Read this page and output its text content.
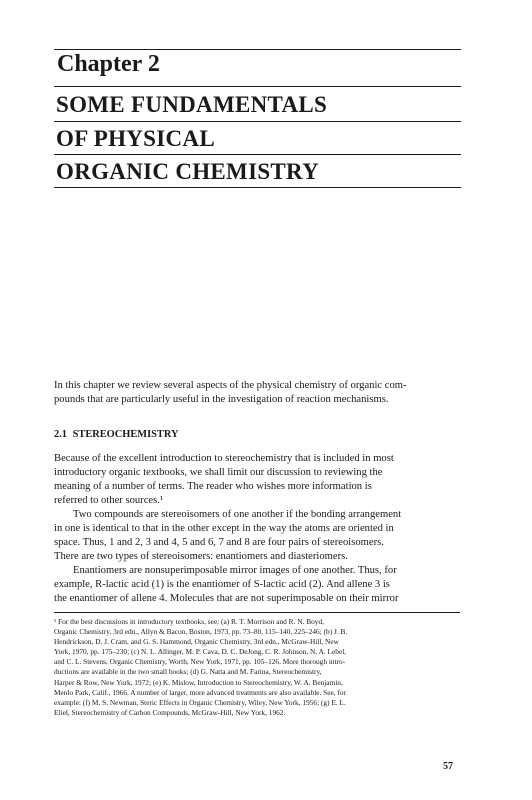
Chapter 2
SOME FUNDAMENTALS
OF PHYSICAL
ORGANIC CHEMISTRY
In this chapter we review several aspects of the physical chemistry of organic com-
pounds that are particularly useful in the investigation of reaction mechanisms.
2.1 STEREOCHEMISTRY
Because of the excellent introduction to stereochemistry that is included in most
introductory organic textbooks, we shall limit our discussion to reviewing the
meaning of a number of terms. The reader who wishes more information is
referred to other sources.¹
Two compounds are stereoisomers of one another if the bonding arrangement
in one is identical to that in the other except in the way the atoms are oriented in
space. Thus, 1 and 2, 3 and 4, 5 and 6, 7 and 8 are four pairs of stereoisomers.
There are two types of stereoisomers: enantiomers and diasteriomers.
Enantiomers are nonsuperimposable mirror images of one another. Thus, for
example, R-lactic acid (1) is the enantiomer of S-lactic acid (2). And allene 3 is
the enantiomer of allene 4. Molecules that are not superimposable on their mirror
¹ For the best discussions in introductory textbooks, see: (a) R. T. Morrison and R. N. Boyd,
Organic Chemistry, 3rd edn., Allyn & Bacon, Boston, 1973, pp. 73–80, 115–140, 225–246; (b) J. B.
Hendrickson, D. J. Cram, and G. S. Hammond, Organic Chemistry, 3rd edn., McGraw-Hill, New
York, 1970, pp. 175–230; (c) N. L. Allinger, M. P. Cava, D. C. DeJong, C. R. Johnson, N. A. Lebel,
and C. L. Stevens, Organic Chemistry, Worth, New York, 1971, pp. 105–126. More thorough intro-
ductions are available in the two small books; (d) G. Natta and M. Farina, Stereochemistry,
Harper & Row, New York, 1972; (e) K. Mislow, Introduction to Stereochemistry, W. A. Benjamin,
Menlo Park, Calif., 1966. A number of larger, more advanced treatments are also available. See, for
example: (f) M. S. Newman, Steric Effects in Organic Chemistry, Wiley, New York, 1956; (g) E. L.
Eliel, Stereochemistry of Carbon Compounds, McGraw-Hill, New York, 1962.
57
